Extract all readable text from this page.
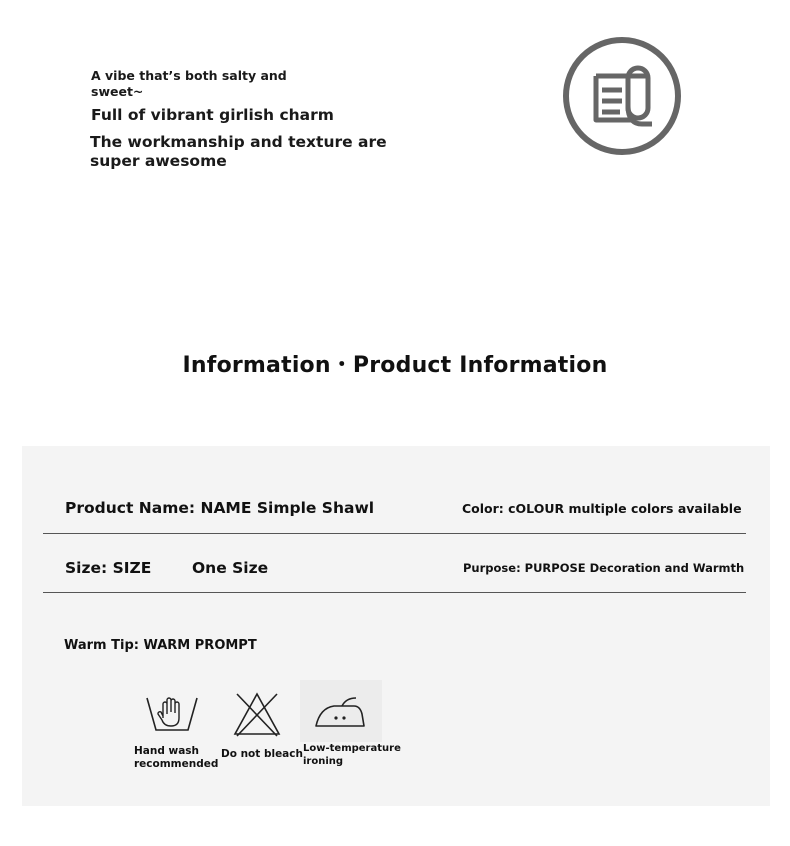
A vibe that’s both salty and sweet~
Full of vibrant girlish charm
The workmanship and texture are super awesome
Information・Product Information
Product Name: NAME Simple Shawl	Color: cOLOUR multiple colors available
Size: SIZE	One Size	Purpose: PURPOSE Decoration and Warmth
Warm Tip: WARM PROMPT
Hand wash
recommended
Do not bleach Low-temperature
ironing
